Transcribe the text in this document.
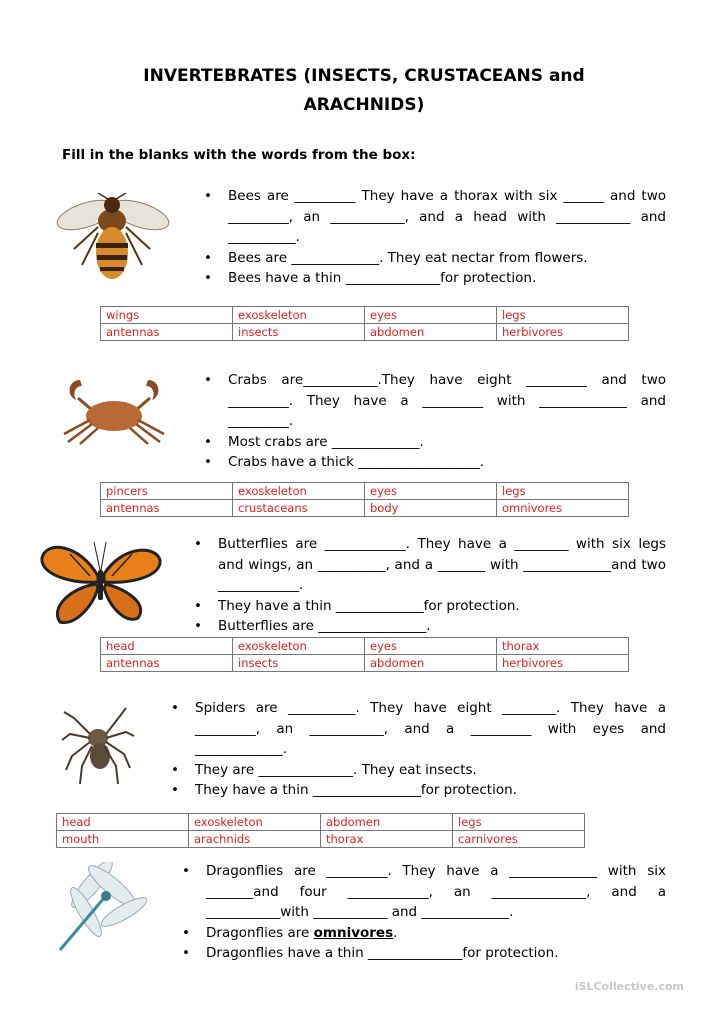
INVERTEBRATES (INSECTS, CRUSTACEANS and
ARACHNIDS)
Fill in the blanks with the words from the box:
• Bees are _________ They have a thorax with six ______ and two _________, an ___________, and a head with ___________ and __________.
• Bees are _____________. They eat nectar from flowers.
• Bees have a thin ______________for protection.
wings	exoskeleton	eyes	legs
antennas	insects	abdomen	herbivores
• Crabs are___________.They have eight _________ and two _________. They have a _________ with _____________ and _________.
• Most crabs are _____________.
• Crabs have a thick __________________.
pincers	exoskeleton	eyes	legs
antennas	crustaceans	body	omnivores
• Butterflies are ____________. They have a ________ with six legs and wings, an __________, and a _______ with _____________and two ____________.
• They have a thin _____________for protection.
• Butterflies are ________________.
head	exoskeleton	eyes	thorax
antennas	insects	abdomen	herbivores
• Spiders are __________. They have eight ________. They have a _________, an ___________, and a _________ with eyes and _____________.
• They are ______________. They eat insects.
• They have a thin ________________for protection.
head	exoskeleton	abdomen	legs
mouth	arachnids	thorax	carnivores
• Dragonflies are _________. They have a _____________ with six _______and four ____________, an ______________, and a ___________with ___________ and _____________.
• Dragonflies are omnivores.
• Dragonflies have a thin ______________for protection.
iSLCollective.com
